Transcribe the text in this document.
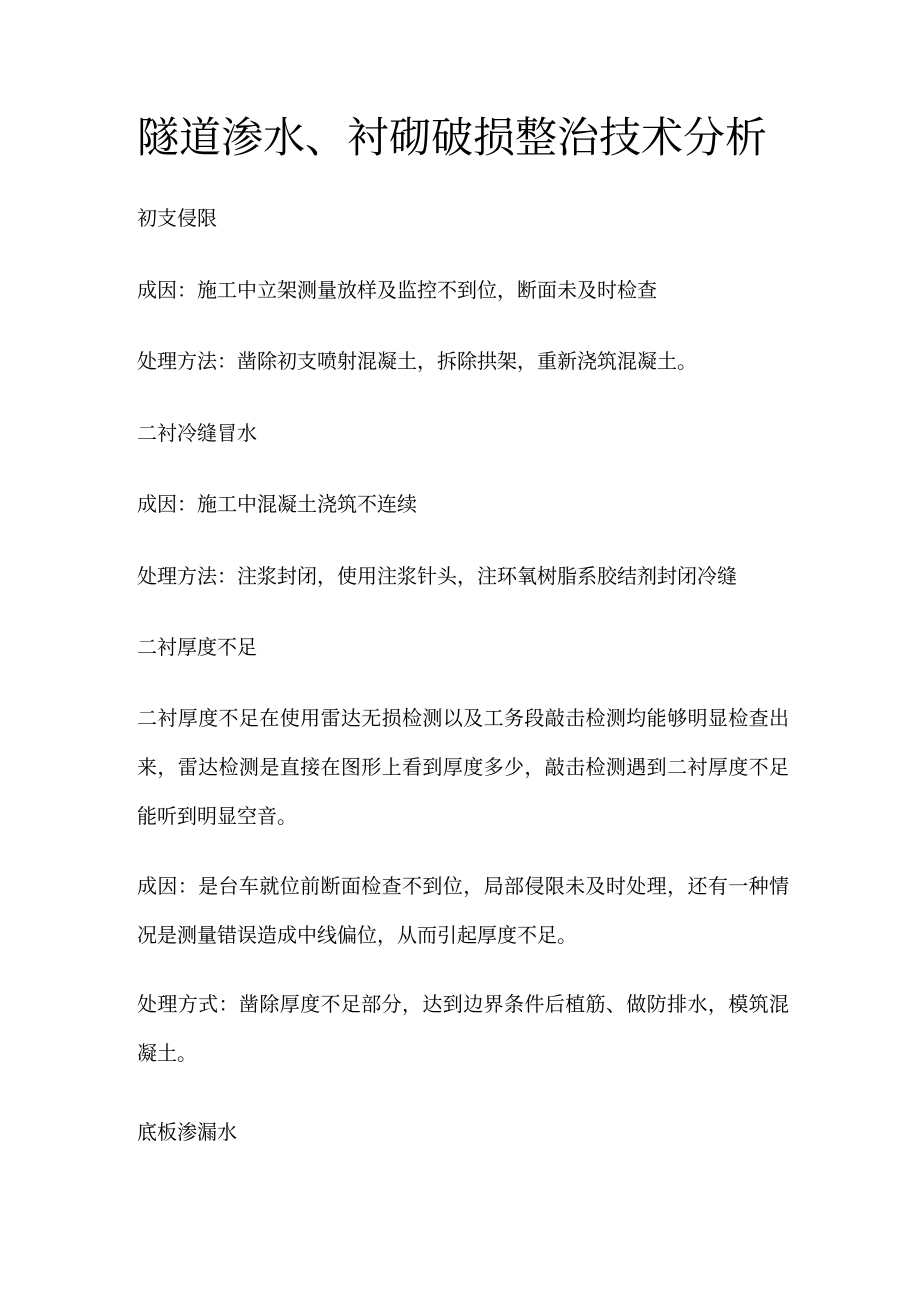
隧道渗水、衬砌破损整治技术分析

初支侵限

成因：施工中立架测量放样及监控不到位，断面未及时检查

处理方法：凿除初支喷射混凝土，拆除拱架，重新浇筑混凝土。

二衬冷缝冒水

成因：施工中混凝土浇筑不连续

处理方法：注浆封闭，使用注浆针头，注环氧树脂系胶结剂封闭冷缝

二衬厚度不足

二衬厚度不足在使用雷达无损检测以及工务段敲击检测均能够明显检查出来，雷达检测是直接在图形上看到厚度多少，敲击检测遇到二衬厚度不足能听到明显空音。

成因：是台车就位前断面检查不到位，局部侵限未及时处理，还有一种情况是测量错误造成中线偏位，从而引起厚度不足。

处理方式：凿除厚度不足部分，达到边界条件后植筋、做防排水，模筑混凝土。

底板渗漏水
